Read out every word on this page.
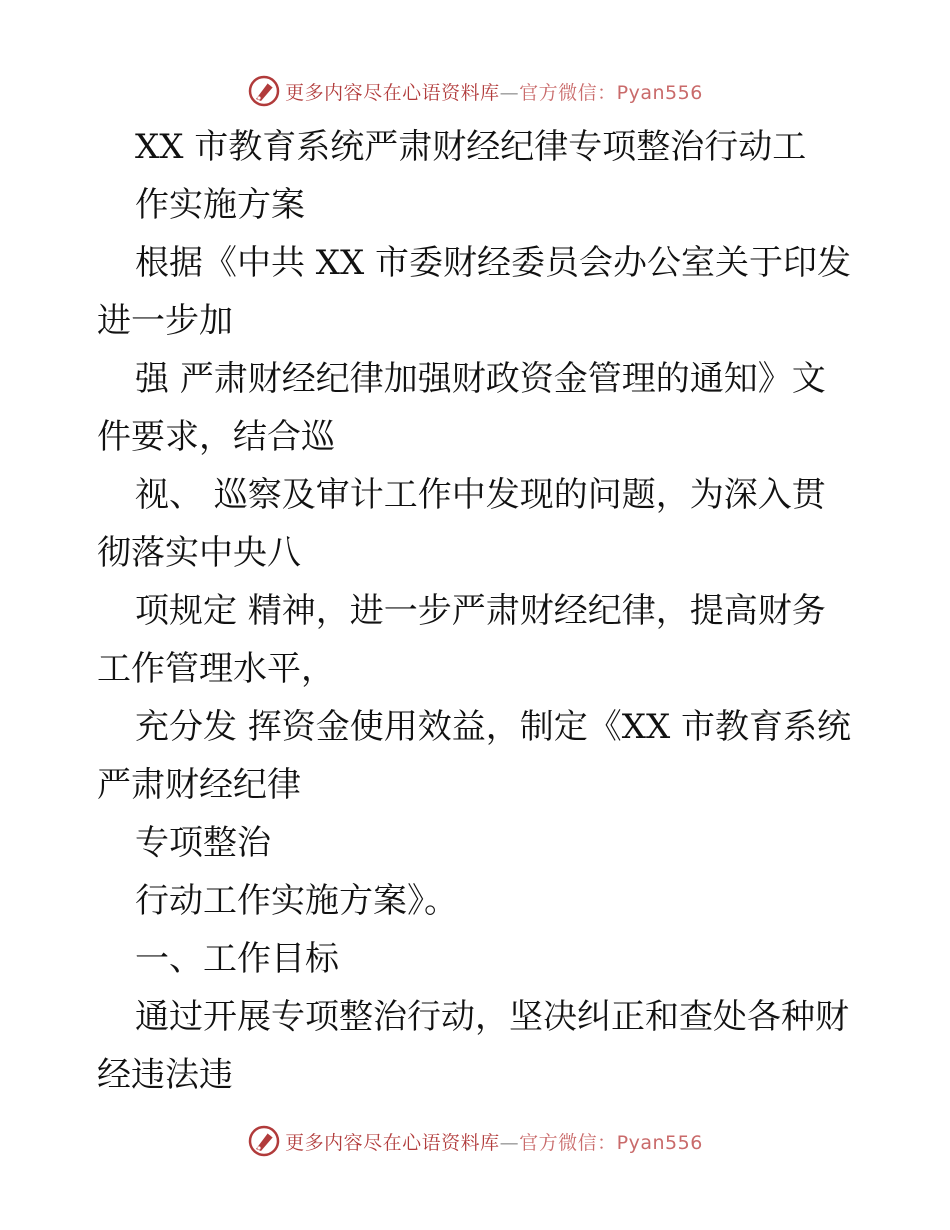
更多内容尽在心语资料库—官方微信：Pyan556
XX 市教育系统严肃财经纪律专项整治行动工
作实施方案
根据《中共 XX 市委财经委员会办公室关于印发
进一步加
强 严肃财经纪律加强财政资金管理的通知》文
件要求，结合巡
视、 巡察及审计工作中发现的问题，为深入贯
彻落实中央八
项规定 精神，进一步严肃财经纪律，提高财务
工作管理水平，
充分发 挥资金使用效益，制定《XX 市教育系统
严肃财经纪律
专项整治
行动工作实施方案》。
一、工作目标
通过开展专项整治行动，坚决纠正和查处各种财
经违法违
更多内容尽在心语资料库—官方微信：Pyan556
